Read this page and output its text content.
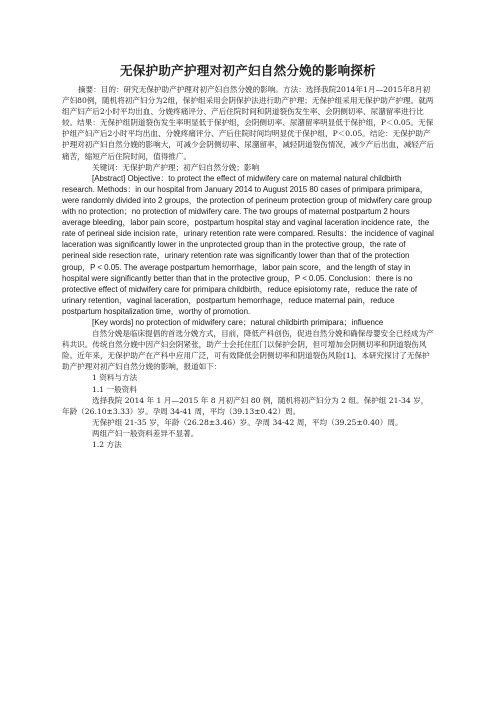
无保护助产护理对初产妇自然分娩的影响探析

摘要：目的：研究无保护助产护理对初产妇自然分娩的影响。方法：选择我院2014年1月—2015年8月初产妇80例，随机将初产妇分为2组，保护组采用会阴保护法进行助产护理；无保护组采用无保护助产护理。就两组产妇产后2小时平均出血、分娩疼痛评分、产后住院时间和阴道裂伤发生率、会阴侧切率、尿潴留率进行比较。结果：无保护组阴道裂伤发生率明显低于保护组，会阴侧切率、尿潴留率明显低于保护组，P＜0.05。无保护组产妇产后2小时平均出血、分娩疼痛评分、产后住院时间均明显优于保护组，P＜0.05。结论：无保护助产护理对初产妇自然分娩的影响大，可减少会阴侧切率、尿潴留率，减轻阴道裂伤情况，减少产后出血，减轻产后痛苦，缩短产后住院时间，值得推广。

关键词：无保护助产护理；初产妇自然分娩；影响

[Abstract] Objective：to protect the effect of midwifery care on maternal natural childbirth research. Methods：in our hospital from January 2014 to August 2015 80 cases of primipara primipara，were randomly divided into 2 groups，the protection of perineum protection group of midwifery care group with no protection；no protection of midwifery care. The two groups of maternal postpartum 2 hours average bleeding，labor pain score，postpartum hospital stay and vaginal laceration incidence rate，the rate of perineal side incision rate，urinary retention rate were compared. Results：the incidence of vaginal laceration was significantly lower in the unprotected group than in the protective group，the rate of perineal side resection rate，urinary retention rate was significantly lower than that of the protection group，P < 0.05. The average postpartum hemorrhage，labor pain score，and the length of stay in hospital were significantly better than that in the protective group，P < 0.05. Conclusion：there is no protective effect of midwifery care for primipara childbirth，reduce episiotomy rate，reduce the rate of urinary retention，vaginal laceration，postpartum hemorrhage，reduce maternal pain，reduce postpartum hospitalization time，worthy of promotion.

[Key words] no protection of midwifery care；natural childbirth primipara；influence

自然分娩是临床提倡的首选分娩方式，目前，降低产科创伤，促进自然分娩和确保母婴安全已经成为产科共识。传统自然分娩中因产妇会阴紧张，助产士会托住肛门以保护会阴，但可增加会阴侧切率和阴道裂伤风险。近年来，无保护助产在产科中应用广泛，可有效降低会阴侧切率和阴道裂伤风险[1]。本研究探讨了无保护助产护理对初产妇自然分娩的影响，报道如下：

1 资料与方法

1.1 一般资料

选择我院 2014 年 1 月—2015 年 8 月初产妇 80 例，随机将初产妇分为 2 组。保护组 21-34 岁，年龄（26.10±3.33）岁。孕周 34-41 周，平均（39.13±0.42）周。

无保护组 21-35 岁，年龄（26.28±3.46）岁。孕周 34-42 周，平均（39.25±0.40）周。

两组产妇一般资料差异不显著。

1.2 方法
